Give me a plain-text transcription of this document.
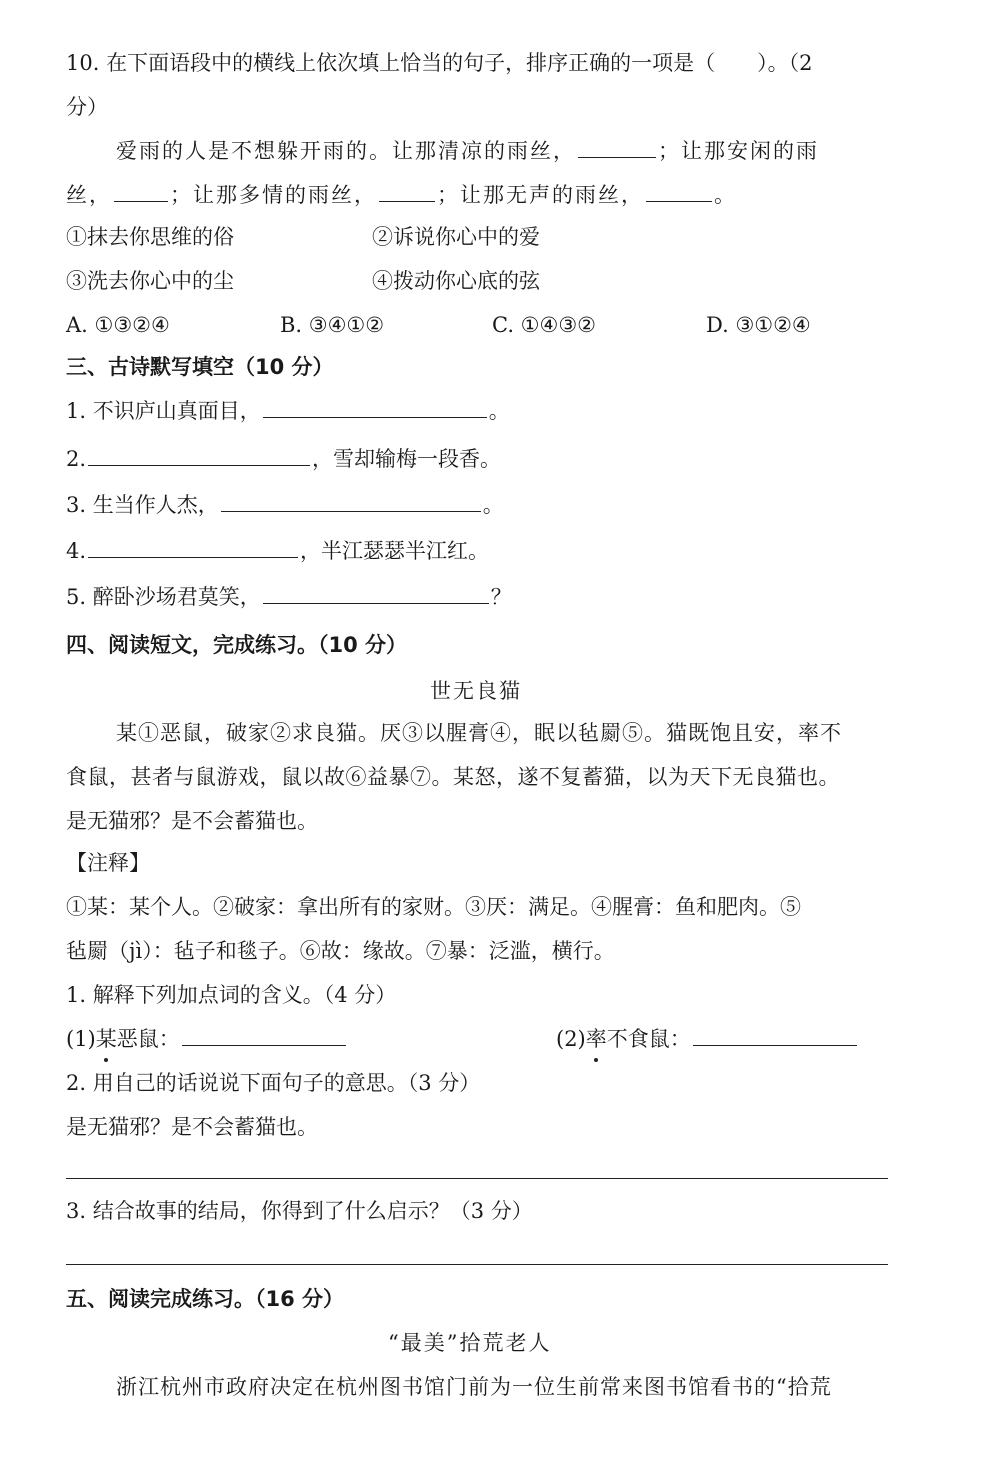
10. 在下面语段中的横线上依次填上恰当的句子，排序正确的一项是（　　）。（2
分）
爱雨的人是不想躲开雨的。让那清凉的雨丝，	；让那安闲的雨
丝，	；让那多情的雨丝，	；让那无声的雨丝，	。
①抹去你思维的俗	②诉说你心中的爱
③洗去你心中的尘	④拨动你心底的弦
A. ①③②④	B. ③④①②	C. ①④③②	D. ③①②④
三、古诗默写填空（10 分）
1. 不识庐山真面目，	。
2.	，雪却输梅一段香。
3. 生当作人杰，	。
4.	，半江瑟瑟半江红。
5. 醉卧沙场君莫笑，	？
四、阅读短文，完成练习。（10 分）
世无良猫
某①恶鼠，破家②求良猫。厌③以腥膏④，眠以毡罽⑤。猫既饱且安，率不
食鼠，甚者与鼠游戏，鼠以故⑥益暴⑦。某怒，遂不复蓄猫，以为天下无良猫也。
是无猫邪？是不会蓄猫也。
【注释】
①某：某个人。②破家：拿出所有的家财。③厌：满足。④腥膏：鱼和肥肉。⑤
毡罽（jì）：毡子和毯子。⑥故：缘故。⑦暴：泛滥，横行。
1. 解释下列加点词的含义。（4 分）
(1)某恶鼠：	(2)率不食鼠：
2. 用自己的话说说下面句子的意思。（3 分）
是无猫邪？是不会蓄猫也。
3. 结合故事的结局，你得到了什么启示？（3 分）
五、阅读完成练习。（16 分）
“最美”拾荒老人
浙江杭州市政府决定在杭州图书馆门前为一位生前常来图书馆看书的“拾荒
